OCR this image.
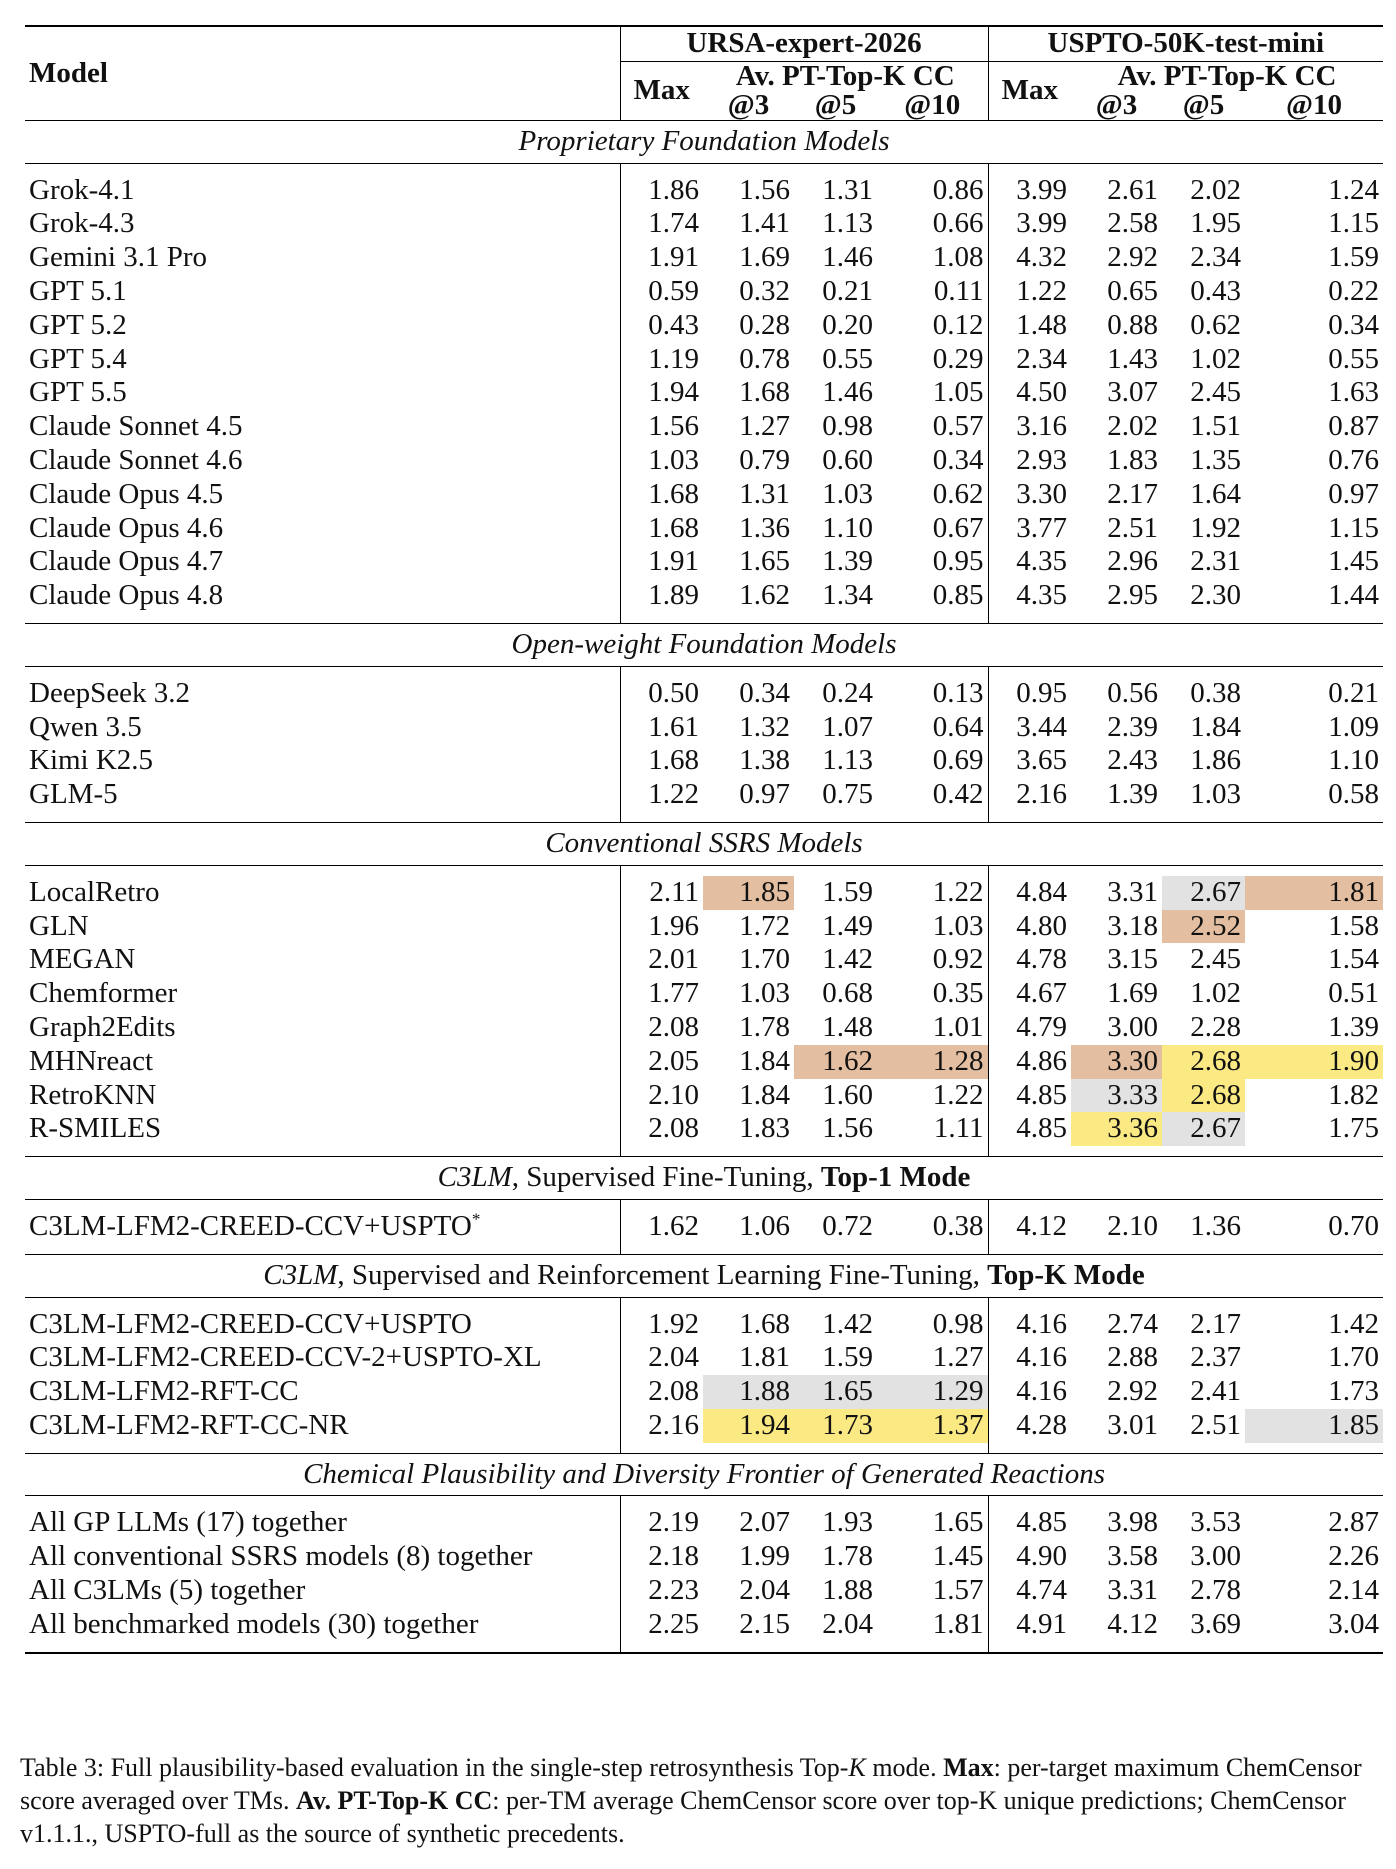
Model	URSA-expert-2026				USPTO-50K-test-mini			
	Max	Av. PT-Top-K CC			Max	Av. PT-Top-K CC		
		@3	@5	@10		@3	@5	@10
Proprietary Foundation Models								

Grok-4.1	1.86	1.56	1.31	0.86	3.99	2.61	2.02	1.24
Grok-4.3	1.74	1.41	1.13	0.66	3.99	2.58	1.95	1.15
Gemini 3.1 Pro	1.91	1.69	1.46	1.08	4.32	2.92	2.34	1.59
GPT 5.1	0.59	0.32	0.21	0.11	1.22	0.65	0.43	0.22
GPT 5.2	0.43	0.28	0.20	0.12	1.48	0.88	0.62	0.34
GPT 5.4	1.19	0.78	0.55	0.29	2.34	1.43	1.02	0.55
GPT 5.5	1.94	1.68	1.46	1.05	4.50	3.07	2.45	1.63
Claude Sonnet 4.5	1.56	1.27	0.98	0.57	3.16	2.02	1.51	0.87
Claude Sonnet 4.6	1.03	0.79	0.60	0.34	2.93	1.83	1.35	0.76
Claude Opus 4.5	1.68	1.31	1.03	0.62	3.30	2.17	1.64	0.97
Claude Opus 4.6	1.68	1.36	1.10	0.67	3.77	2.51	1.92	1.15
Claude Opus 4.7	1.91	1.65	1.39	0.95	4.35	2.96	2.31	1.45
Claude Opus 4.8	1.89	1.62	1.34	0.85	4.35	2.95	2.30	1.44

Open-weight Foundation Models								

DeepSeek 3.2	0.50	0.34	0.24	0.13	0.95	0.56	0.38	0.21
Qwen 3.5	1.61	1.32	1.07	0.64	3.44	2.39	1.84	1.09
Kimi K2.5	1.68	1.38	1.13	0.69	3.65	2.43	1.86	1.10
GLM-5	1.22	0.97	0.75	0.42	2.16	1.39	1.03	0.58

Conventional SSRS Models								

LocalRetro	2.11	1.85	1.59	1.22	4.84	3.31	2.67	1.81
GLN	1.96	1.72	1.49	1.03	4.80	3.18	2.52	1.58
MEGAN	2.01	1.70	1.42	0.92	4.78	3.15	2.45	1.54
Chemformer	1.77	1.03	0.68	0.35	4.67	1.69	1.02	0.51
Graph2Edits	2.08	1.78	1.48	1.01	4.79	3.00	2.28	1.39
MHNreact	2.05	1.84	1.62	1.28	4.86	3.30	2.68	1.90
RetroKNN	2.10	1.84	1.60	1.22	4.85	3.33	2.68	1.82
R-SMILES	2.08	1.83	1.56	1.11	4.85	3.36	2.67	1.75

C3LM, Supervised Fine-Tuning, Top-1 Mode								

C3LM-LFM2-CREED-CCV+USPTO*	1.62	1.06	0.72	0.38	4.12	2.10	1.36	0.70

C3LM, Supervised and Reinforcement Learning Fine-Tuning, Top-K Mode								

C3LM-LFM2-CREED-CCV+USPTO	1.92	1.68	1.42	0.98	4.16	2.74	2.17	1.42
C3LM-LFM2-CREED-CCV-2+USPTO-XL	2.04	1.81	1.59	1.27	4.16	2.88	2.37	1.70
C3LM-LFM2-RFT-CC	2.08	1.88	1.65	1.29	4.16	2.92	2.41	1.73
C3LM-LFM2-RFT-CC-NR	2.16	1.94	1.73	1.37	4.28	3.01	2.51	1.85

Chemical Plausibility and Diversity Frontier of Generated Reactions								

All GP LLMs (17) together	2.19	2.07	1.93	1.65	4.85	3.98	3.53	2.87
All conventional SSRS models (8) together	2.18	1.99	1.78	1.45	4.90	3.58	3.00	2.26
All C3LMs (5) together	2.23	2.04	1.88	1.57	4.74	3.31	2.78	2.14
All benchmarked models (30) together	2.25	2.15	2.04	1.81	4.91	4.12	3.69	3.04

Table 3: Full plausibility-based evaluation in the single-step retrosynthesis Top-K mode. Max: per-target maximum ChemCensor score averaged over TMs. Av. PT-Top-K CC: per-TM average ChemCensor score over top-K unique predictions; ChemCensor v1.1.1., USPTO-full as the source of synthetic precedents.
